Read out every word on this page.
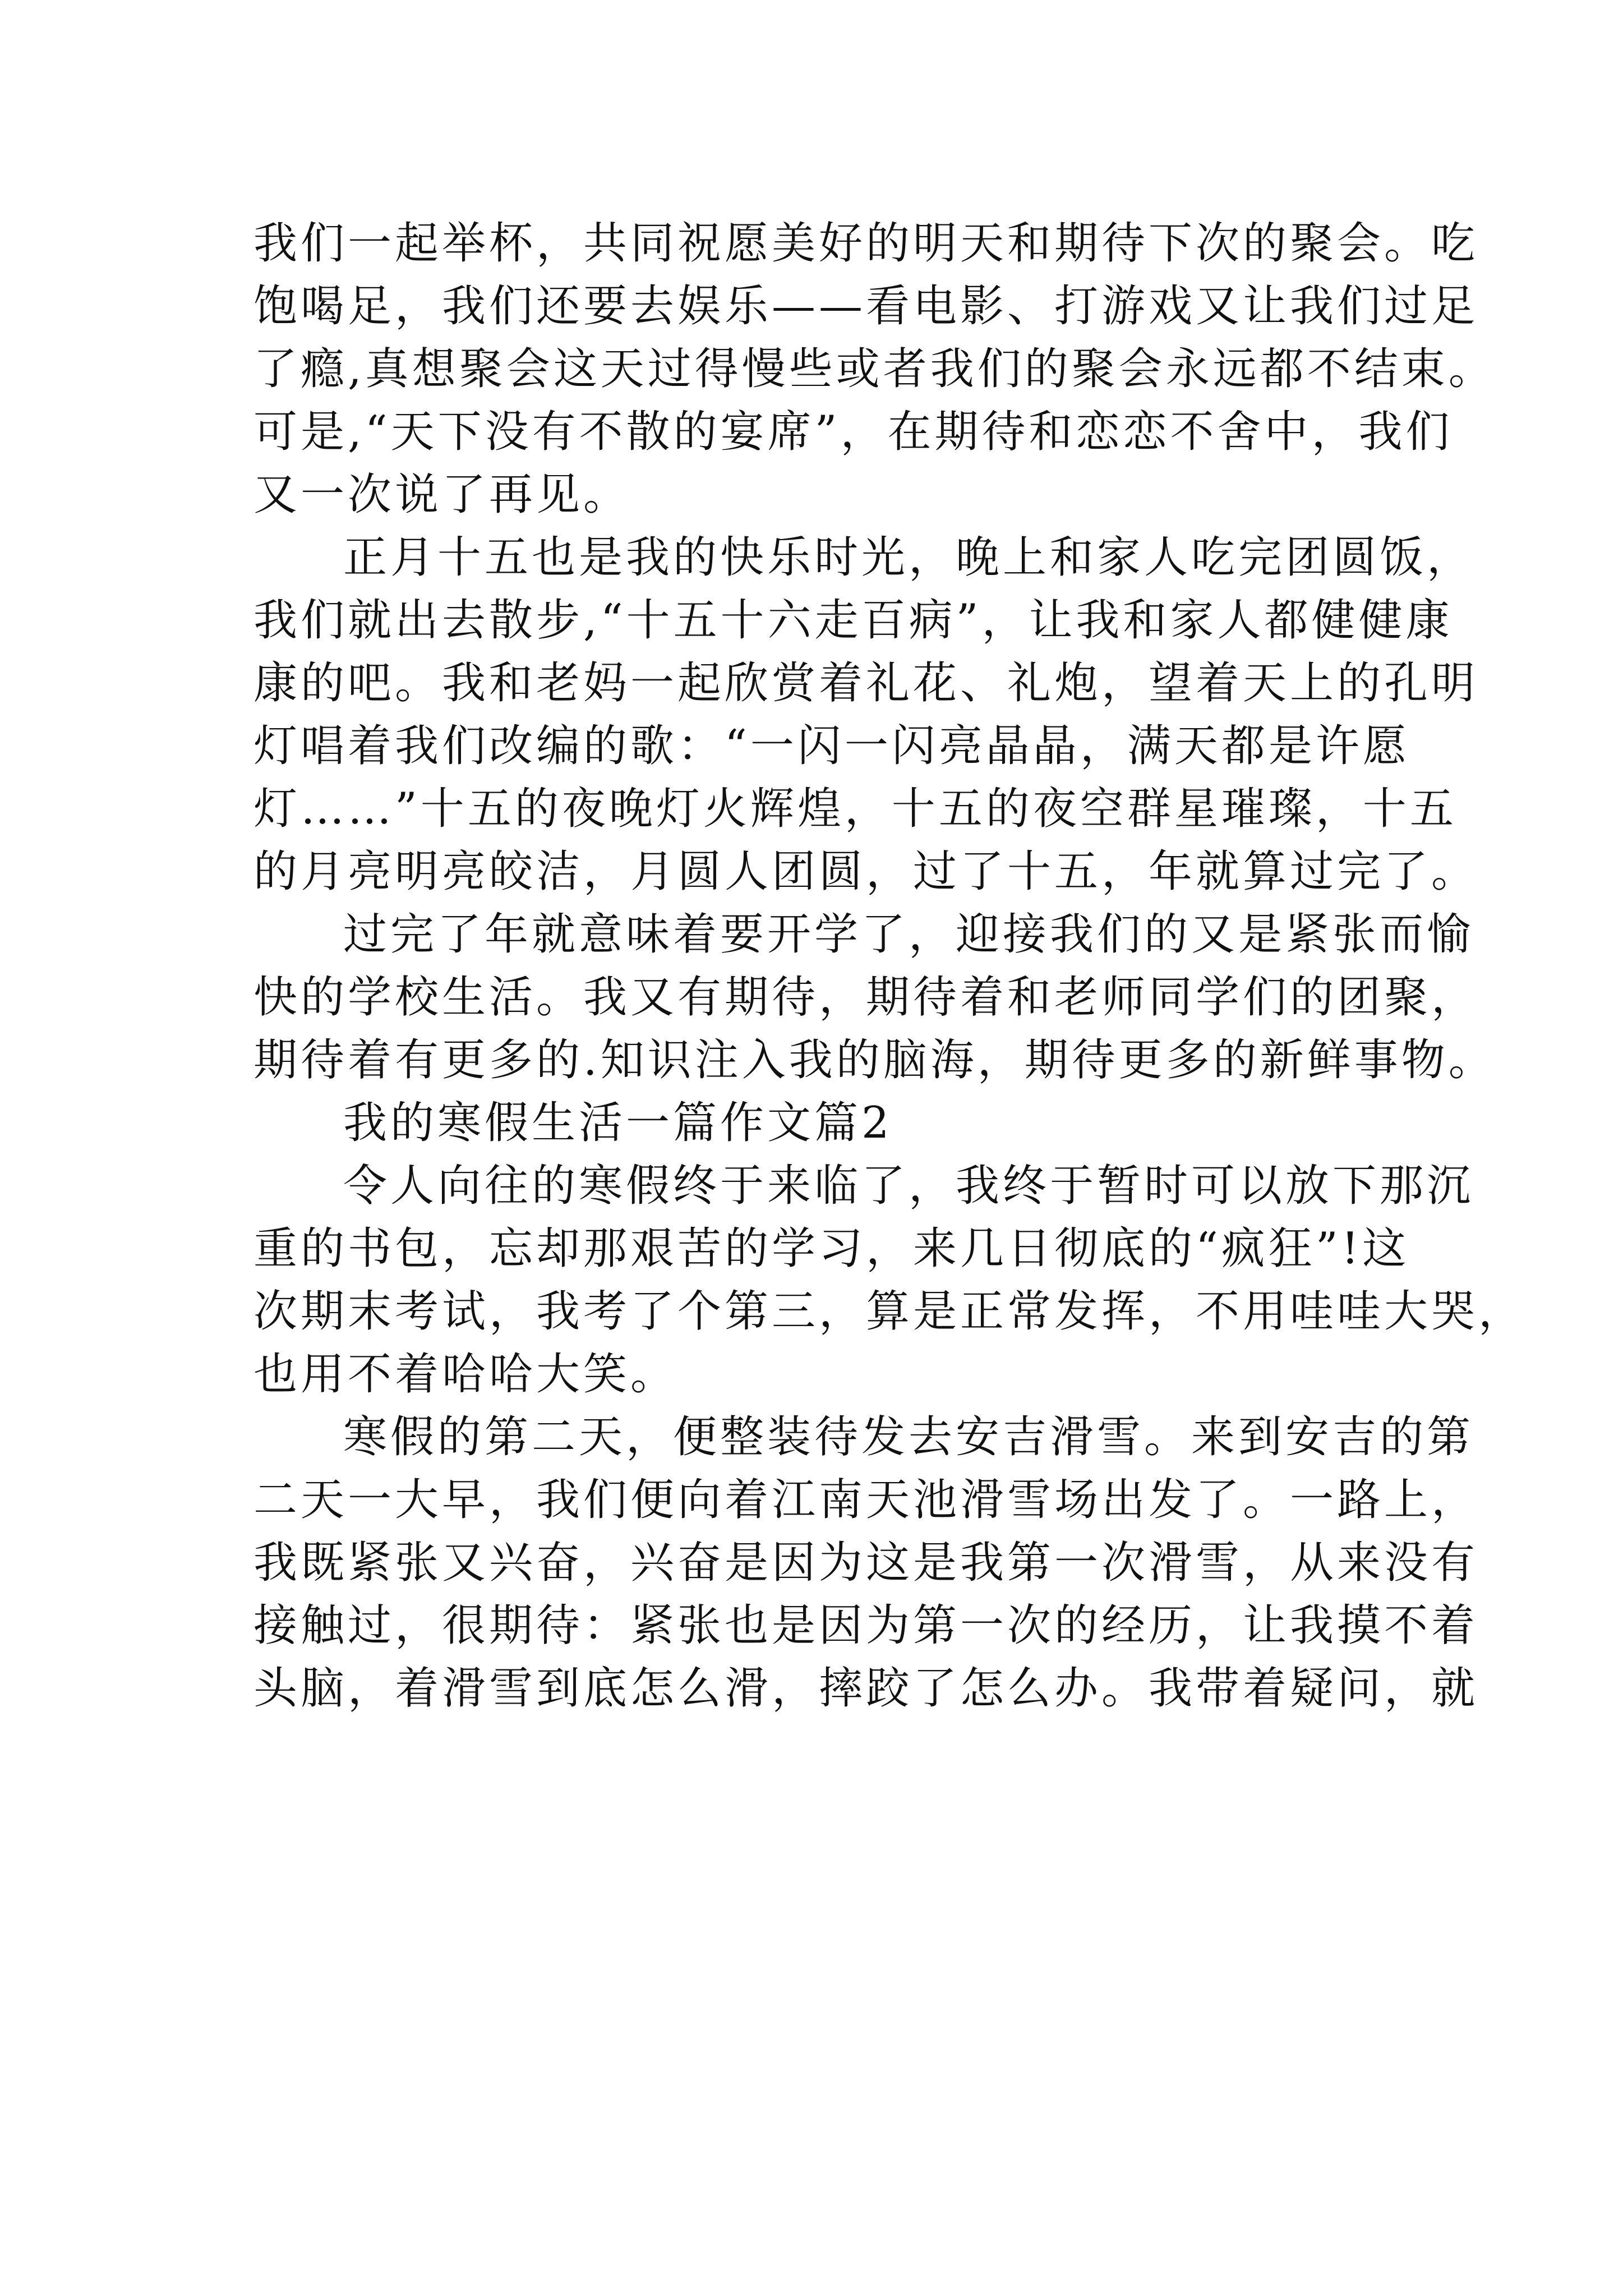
我们一起举杯，共同祝愿美好的明天和期待下次的聚会。吃
饱喝足，我们还要去娱乐——看电影、打游戏又让我们过足
了瘾,真想聚会这天过得慢些或者我们的聚会永远都不结束。
可是,“天下没有不散的宴席”，在期待和恋恋不舍中，我们
又一次说了再见。
正月十五也是我的快乐时光，晚上和家人吃完团圆饭，
我们就出去散步,“十五十六走百病”，让我和家人都健健康
康的吧。我和老妈一起欣赏着礼花、礼炮，望着天上的孔明
灯唱着我们改编的歌：“一闪一闪亮晶晶，满天都是许愿
灯……”十五的夜晚灯火辉煌，十五的夜空群星璀璨，十五
的月亮明亮皎洁，月圆人团圆，过了十五，年就算过完了。
过完了年就意味着要开学了，迎接我们的又是紧张而愉
快的学校生活。我又有期待，期待着和老师同学们的团聚，
期待着有更多的.知识注入我的脑海，期待更多的新鲜事物。
我的寒假生活一篇作文篇2
令人向往的寒假终于来临了，我终于暂时可以放下那沉
重的书包，忘却那艰苦的学习，来几日彻底的“疯狂”!这
次期末考试，我考了个第三，算是正常发挥，不用哇哇大哭，
也用不着哈哈大笑。
寒假的第二天，便整装待发去安吉滑雪。来到安吉的第
二天一大早，我们便向着江南天池滑雪场出发了。一路上，
我既紧张又兴奋，兴奋是因为这是我第一次滑雪，从来没有
接触过，很期待：紧张也是因为第一次的经历，让我摸不着
头脑，着滑雪到底怎么滑，摔跤了怎么办。我带着疑问，就
